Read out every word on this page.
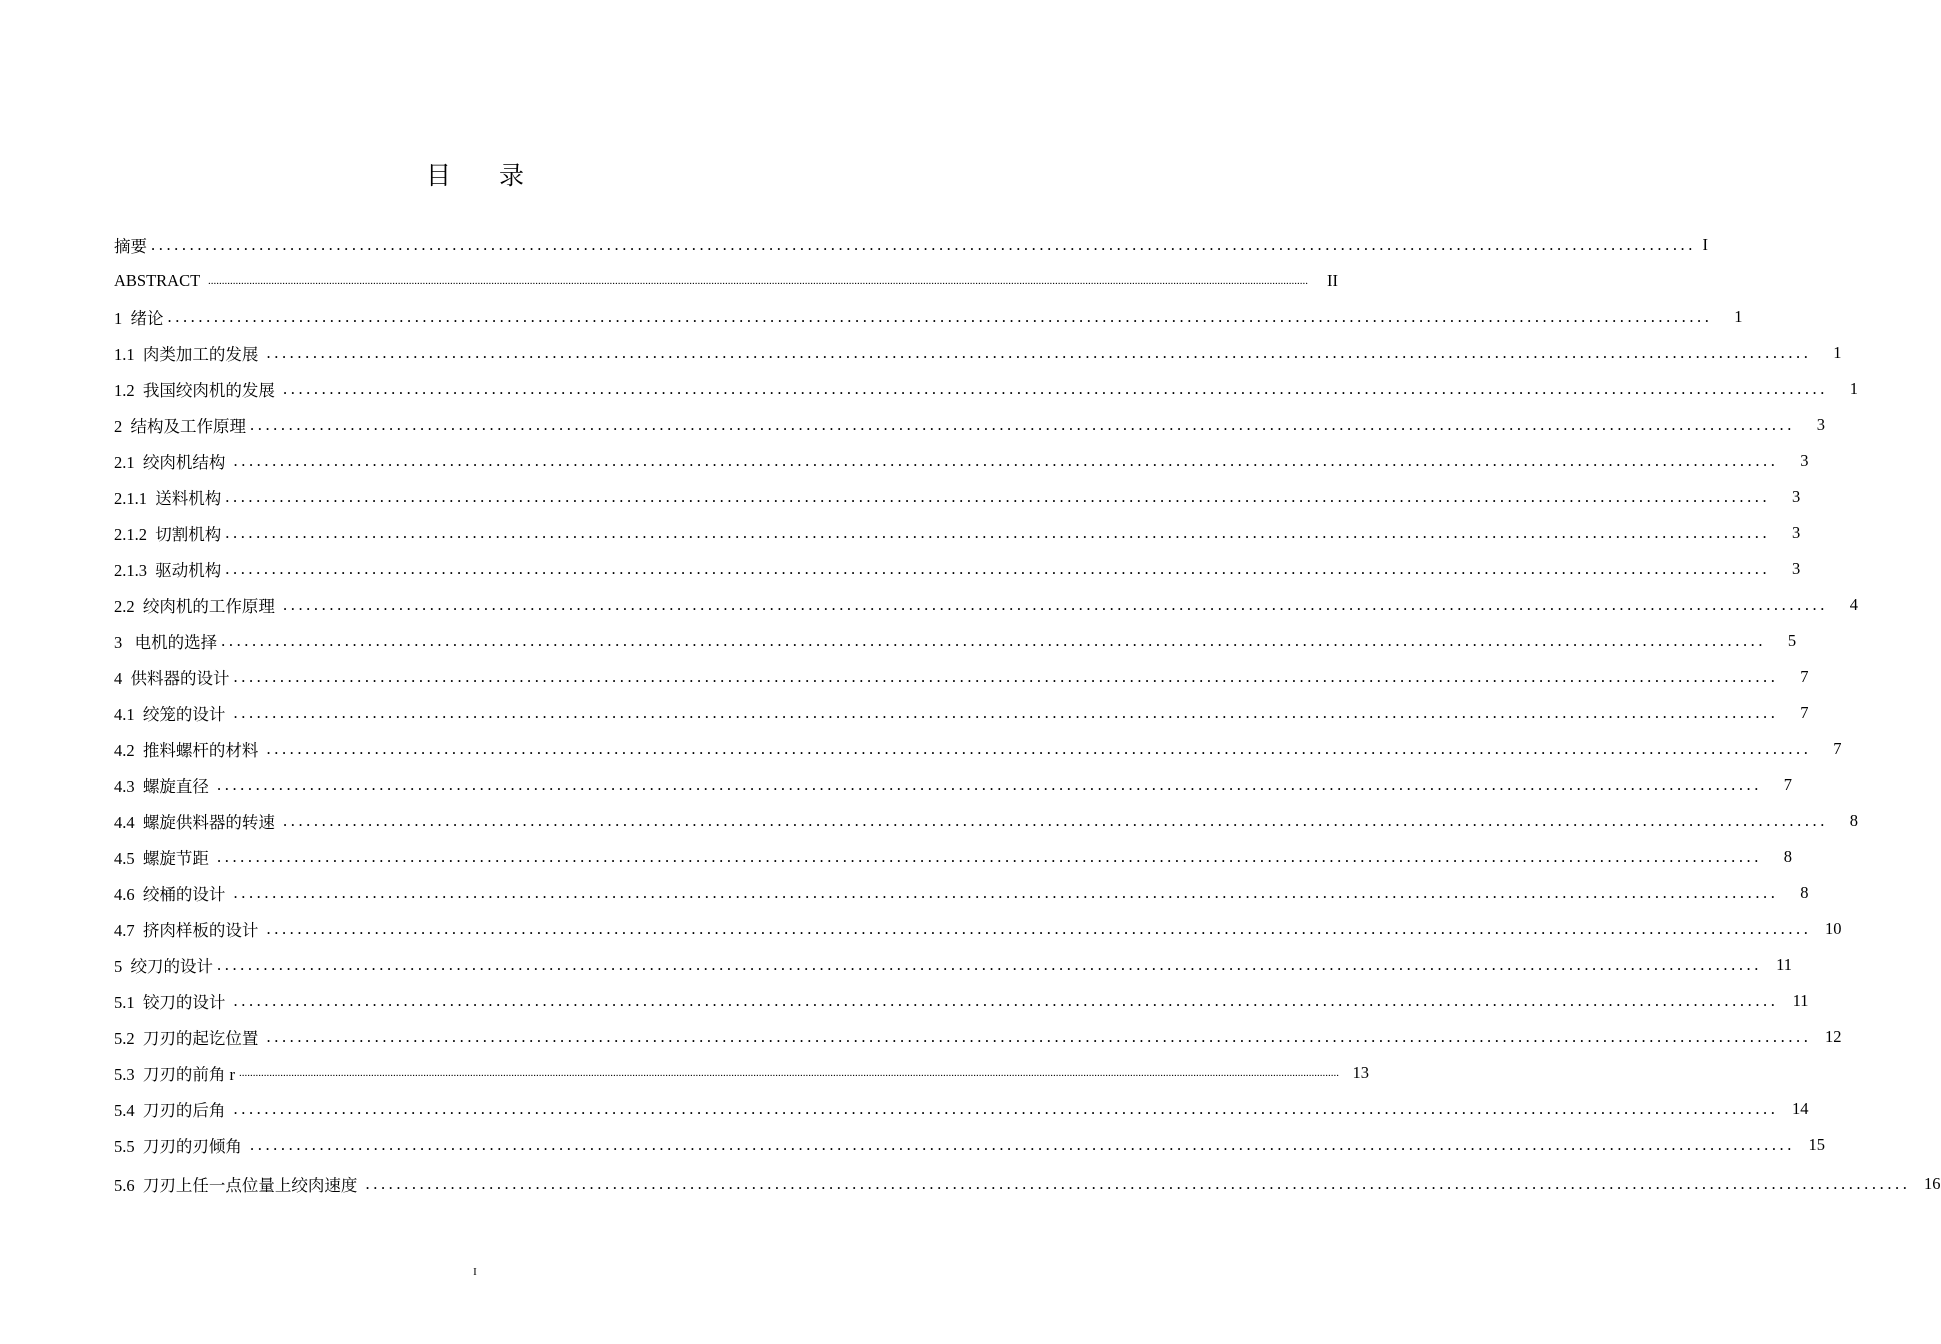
目 录
摘要 ........................................................................................................................................................................................................ I
ABSTRACT ................................................................................................................................................................................................................................................................................................................................................................................................................	II
1  绪论 ........................................................................................................................................................................................................	1
1.1  肉类加工的发展 ........................................................................................................................................................................................................	1
1.2  我国绞肉机的发展 ........................................................................................................................................................................................................	1
2  结构及工作原理 ........................................................................................................................................................................................................	3
2.1  绞肉机结构 ........................................................................................................................................................................................................	3
2.1.1  送料机构 ........................................................................................................................................................................................................	3
2.1.2  切割机构 ........................................................................................................................................................................................................	3
2.1.3  驱动机构 ........................................................................................................................................................................................................	3
2.2  绞肉机的工作原理 ........................................................................................................................................................................................................	4
3   电机的选择 ........................................................................................................................................................................................................	5
4  供料器的设计 ........................................................................................................................................................................................................	7
4.1  绞笼的设计 ........................................................................................................................................................................................................	7
4.2  推料螺杆的材料 ........................................................................................................................................................................................................	7
4.3  螺旋直径 ........................................................................................................................................................................................................	7
4.4  螺旋供料器的转速 ........................................................................................................................................................................................................	8
4.5  螺旋节距 ........................................................................................................................................................................................................	8
4.6  绞桶的设计 ........................................................................................................................................................................................................	8
4.7  挤肉样板的设计 ........................................................................................................................................................................................................ 10
5  绞刀的设计 ........................................................................................................................................................................................................ 11
5.1  铰刀的设计 ........................................................................................................................................................................................................ 11
5.2  刀刃的起讫位置 ........................................................................................................................................................................................................ 12
5.3  刀刃的前角 r ................................................................................................................................................................................................................................................................................................................................................................................................................ 13
5.4  刀刃的后角 ........................................................................................................................................................................................................ 14
5.5  刀刃的刃倾角 ........................................................................................................................................................................................................ 15
5.6  刀刃上任一点位量上绞肉速度 ........................................................................................................................................................................................................ 16
I
